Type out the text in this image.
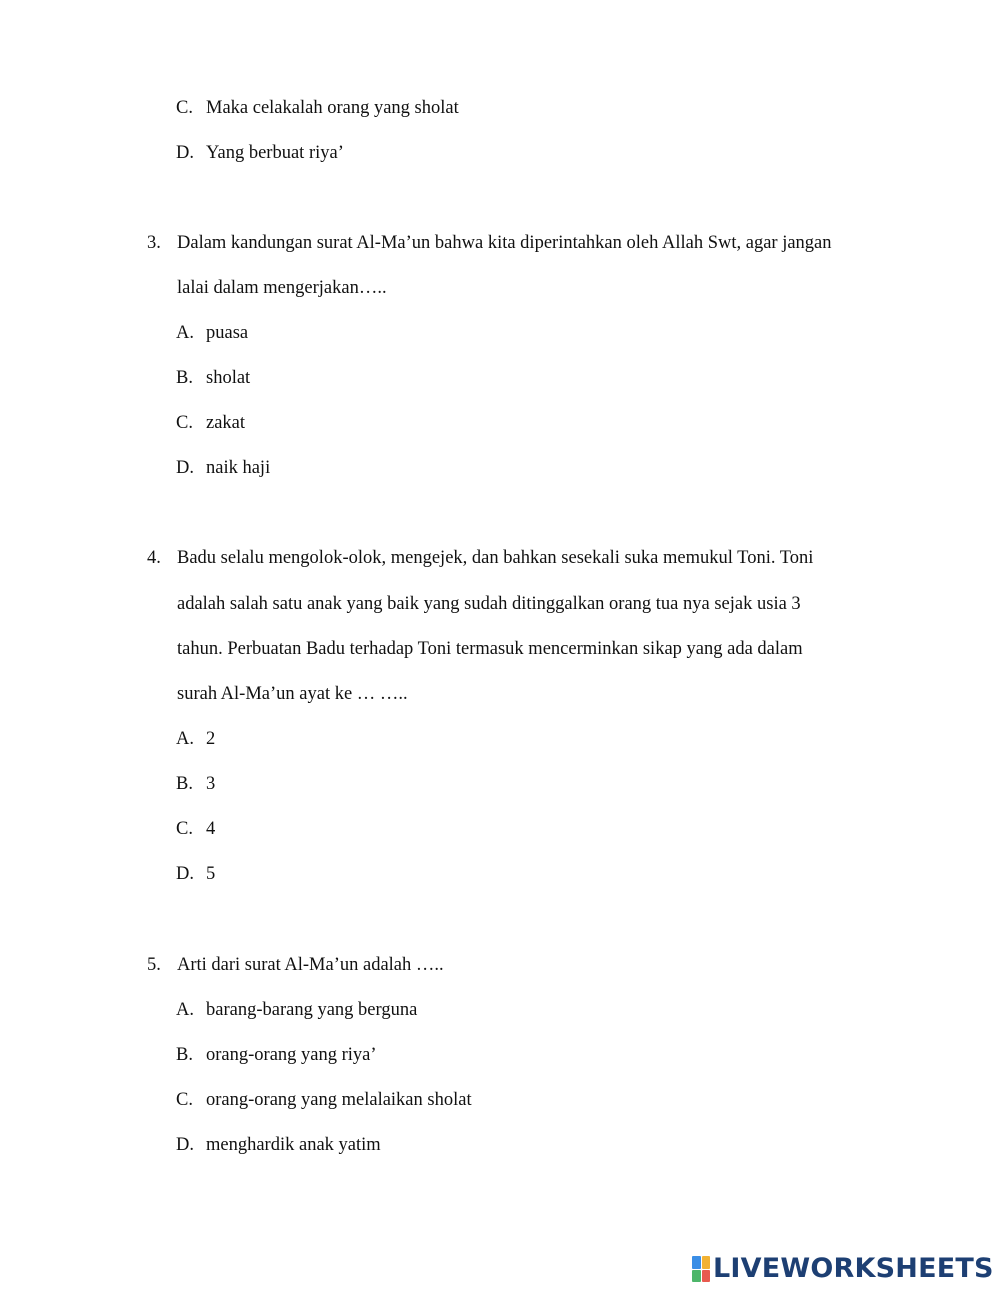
C. Maka celakalah orang yang sholat
D. Yang berbuat riya’
3. Dalam kandungan surat Al-Ma’un bahwa kita diperintahkan oleh Allah Swt, agar jangan
lalai dalam mengerjakan…..
A. puasa
B. sholat
C. zakat
D. naik haji
4. Badu selalu mengolok-olok, mengejek, dan bahkan sesekali suka memukul Toni. Toni
adalah salah satu anak yang baik yang sudah ditinggalkan orang tua nya sejak usia 3
tahun. Perbuatan Badu terhadap Toni termasuk mencerminkan sikap yang ada dalam
surah Al-Ma’un ayat ke … …..
A. 2
B. 3
C. 4
D. 5
5. Arti dari surat Al-Ma’un adalah …..
A. barang-barang yang berguna
B. orang-orang yang riya’
C. orang-orang yang melalaikan sholat
D. menghardik anak yatim
LIVEWORKSHEETS
